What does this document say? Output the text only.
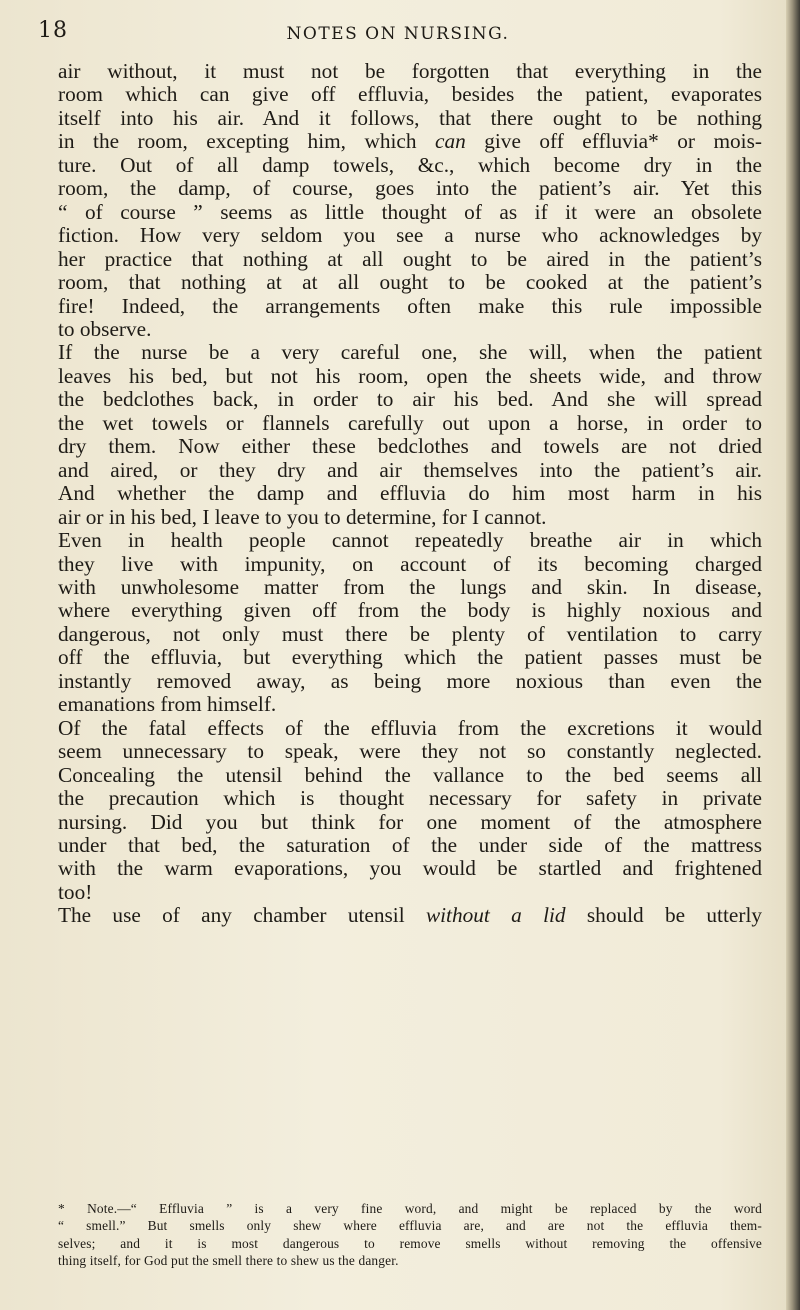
18	NOTES ON NURSING.

air without, it must not be forgotten that everything in the
room which can give off effluvia, besides the patient, evaporates
itself into his air. And it follows, that there ought to be nothing
in the room, excepting him, which can give off effluvia* or mois-
ture. Out of all damp towels, &c., which become dry in the
room, the damp, of course, goes into the patient’s air. Yet this
“ of course ” seems as little thought of as if it were an obsolete
fiction. How very seldom you see a nurse who acknowledges by
her practice that nothing at all ought to be aired in the patient’s
room, that nothing at at all ought to be cooked at the patient’s
fire! Indeed, the arrangements often make this rule impossible
to observe.

If the nurse be a very careful one, she will, when the patient
leaves his bed, but not his room, open the sheets wide, and throw
the bedclothes back, in order to air his bed. And she will spread
the wet towels or flannels carefully out upon a horse, in order to
dry them. Now either these bedclothes and towels are not dried
and aired, or they dry and air themselves into the patient’s air.
And whether the damp and effluvia do him most harm in his
air or in his bed, I leave to you to determine, for I cannot.

Even in health people cannot repeatedly breathe air in which
they live with impunity, on account of its becoming charged
with unwholesome matter from the lungs and skin. In disease,
where everything given off from the body is highly noxious and
dangerous, not only must there be plenty of ventilation to carry
off the effluvia, but everything which the patient passes must be
instantly removed away, as being more noxious than even the
emanations from himself.

Of the fatal effects of the effluvia from the excretions it would
seem unnecessary to speak, were they not so constantly neglected.
Concealing the utensil behind the vallance to the bed seems all
the precaution which is thought necessary for safety in private
nursing. Did you but think for one moment of the atmosphere
under that bed, the saturation of the under side of the mattress
with the warm evaporations, you would be startled and frightened
too!

The use of any chamber utensil without a lid should be utterly

* Note.—“ Effluvia ” is a very fine word, and might be replaced by the word
“ smell.” But smells only shew where effluvia are, and are not the effluvia them-
selves; and it is most dangerous to remove smells without removing the offensive
thing itself, for God put the smell there to shew us the danger.
